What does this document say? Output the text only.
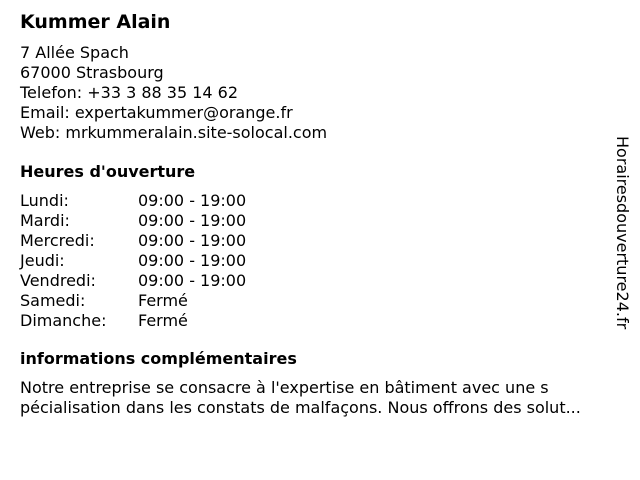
Kummer Alain
7 Allée Spach
67000 Strasbourg
Telefon: +33 3 88 35 14 62
Email: expertakummer@orange.fr
Web: mrkummeralain.site-solocal.com
Heures d'ouverture
Lundi:	09:00 - 19:00
Mardi:	09:00 - 19:00
Mercredi:	09:00 - 19:00
Jeudi:	09:00 - 19:00
Vendredi:	09:00 - 19:00
Samedi:	Fermé
Dimanche:	Fermé
informations complémentaires
Notre entreprise se consacre à l'expertise en bâtiment avec une s
pécialisation dans les constats de malfaçons. Nous offrons des solut...
Horairesdouverture24.fr
